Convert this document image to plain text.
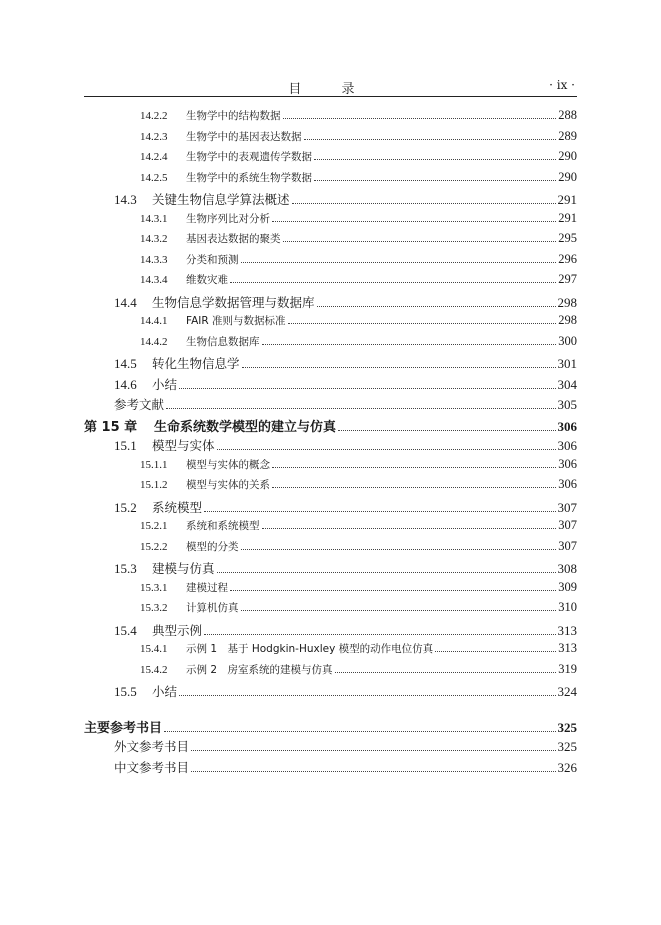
目 录	· ix ·
14.2.2	生物学中的结构数据	288
14.2.3	生物学中的基因表达数据	289
14.2.4	生物学中的表观遗传学数据	290
14.2.5	生物学中的系统生物学数据	290
14.3	关键生物信息学算法概述	291
14.3.1	生物序列比对分析	291
14.3.2	基因表达数据的聚类	295
14.3.3	分类和预测	296
14.3.4	维数灾难	297
14.4	生物信息学数据管理与数据库	298
14.4.1	FAIR 准则与数据标准	298
14.4.2	生物信息数据库	300
14.5	转化生物信息学	301
14.6	小结	304
参考文献	305
第 15 章	生命系统数学模型的建立与仿真	306
15.1	模型与实体	306
15.1.1	模型与实体的概念	306
15.1.2	模型与实体的关系	306
15.2	系统模型	307
15.2.1	系统和系统模型	307
15.2.2	模型的分类	307
15.3	建模与仿真	308
15.3.1	建模过程	309
15.3.2	计算机仿真	310
15.4	典型示例	313
15.4.1	示例 1　基于 Hodgkin-Huxley 模型的动作电位仿真	313
15.4.2	示例 2　房室系统的建模与仿真	319
15.5	小结	324
主要参考书目	325
外文参考书目	325
中文参考书目	326
